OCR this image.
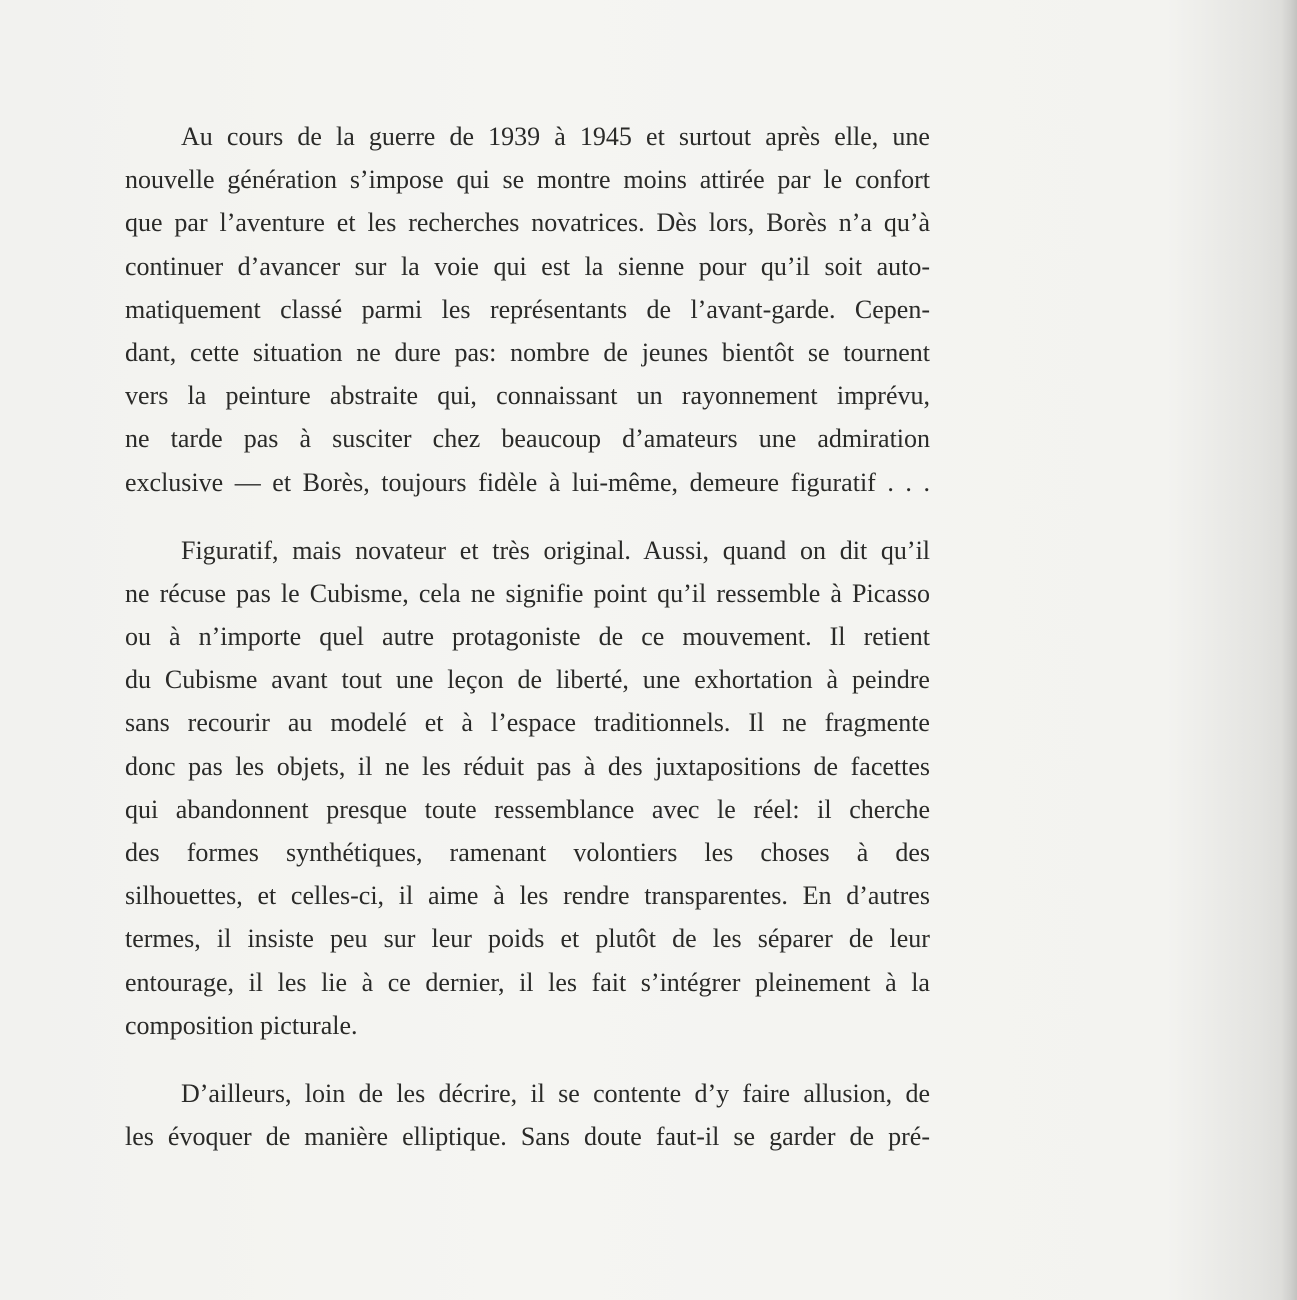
Au cours de la guerre de 1939 à 1945 et surtout après elle, une
nouvelle génération s’impose qui se montre moins attirée par le confort
que par l’aventure et les recherches novatrices. Dès lors, Borès n’a qu’à
continuer d’avancer sur la voie qui est la sienne pour qu’il soit auto-
matiquement classé parmi les représentants de l’avant-garde. Cepen-
dant, cette situation ne dure pas: nombre de jeunes bientôt se tournent
vers la peinture abstraite qui, connaissant un rayonnement imprévu,
ne tarde pas à susciter chez beaucoup d’amateurs une admiration
exclusive — et Borès, toujours fidèle à lui-même, demeure figuratif . . .
Figuratif, mais novateur et très original. Aussi, quand on dit qu’il
ne récuse pas le Cubisme, cela ne signifie point qu’il ressemble à Picasso
ou à n’importe quel autre protagoniste de ce mouvement. Il retient
du Cubisme avant tout une leçon de liberté, une exhortation à peindre
sans recourir au modelé et à l’espace traditionnels. Il ne fragmente
donc pas les objets, il ne les réduit pas à des juxtapositions de facettes
qui abandonnent presque toute ressemblance avec le réel: il cherche
des formes synthétiques, ramenant volontiers les choses à des
silhouettes, et celles-ci, il aime à les rendre transparentes. En d’autres
termes, il insiste peu sur leur poids et plutôt de les séparer de leur
entourage, il les lie à ce dernier, il les fait s’intégrer pleinement à la
composition picturale.
D’ailleurs, loin de les décrire, il se contente d’y faire allusion, de
les évoquer de manière elliptique. Sans doute faut-il se garder de pré-
